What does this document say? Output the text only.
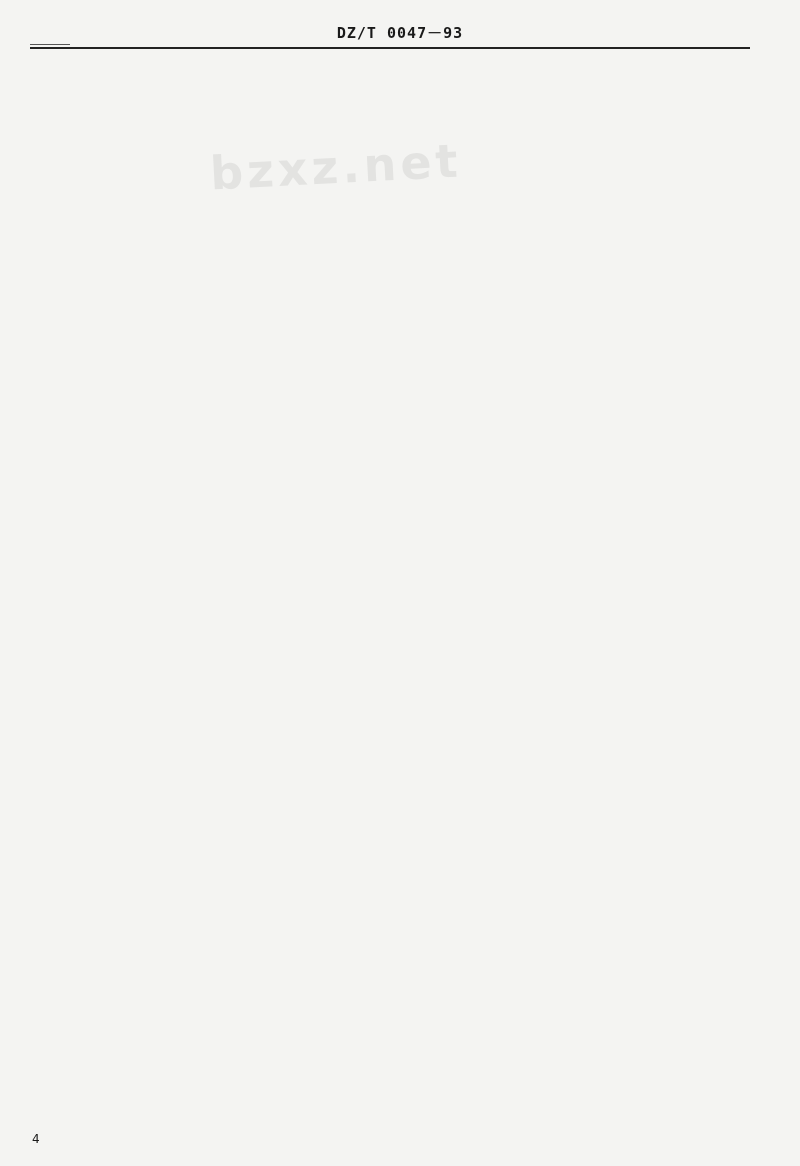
DZ/T 0047－93
bzxz.net
4
